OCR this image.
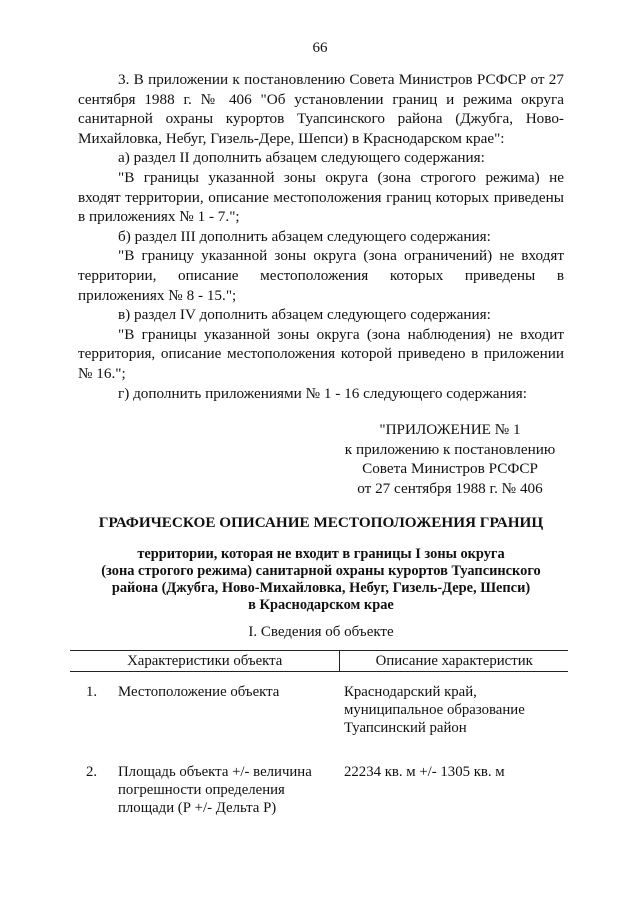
66

3. В приложении к постановлению Совета Министров РСФСР от 27 сентября 1988 г. № 406 "Об установлении границ и режима округа санитарной охраны курортов Туапсинского района (Джубга, Ново-Михайловка, Небуг, Гизель-Дере, Шепси) в Краснодарском крае":

а) раздел II дополнить абзацем следующего содержания:

"В границы указанной зоны округа (зона строгого режима) не входят территории, описание местоположения границ которых приведены в приложениях № 1 - 7.";

б) раздел III дополнить абзацем следующего содержания:

"В границу указанной зоны округа (зона ограничений) не входят территории, описание местоположения которых приведены в приложениях № 8 - 15.";

в) раздел IV дополнить абзацем следующего содержания:

"В границы указанной зоны округа (зона наблюдения) не входит территория, описание местоположения которой приведено в приложении № 16.";

г) дополнить приложениями № 1 - 16 следующего содержания:

"ПРИЛОЖЕНИЕ № 1
к приложению к постановлению
Совета Министров РСФСР
от 27 сентября 1988 г. № 406
ГРАФИЧЕСКОЕ ОПИСАНИЕ МЕСТОПОЛОЖЕНИЯ ГРАНИЦ
территории, которая не входит в границы I зоны округа
(зона строгого режима) санитарной охраны курортов Туапсинского
района (Джубга, Ново-Михайловка, Небуг, Гизель-Дере, Шепси)
в Краснодарском крае
I. Сведения об объекте
Характеристики объекта	Описание характеристик
1. Местоположение объекта	Краснодарский край,
муниципальное образование
Туапсинский район
2. Площадь объекта +/- величина
погрешности определения
площади (Р +/- Дельта Р)
22234 кв. м +/- 1305 кв. м
